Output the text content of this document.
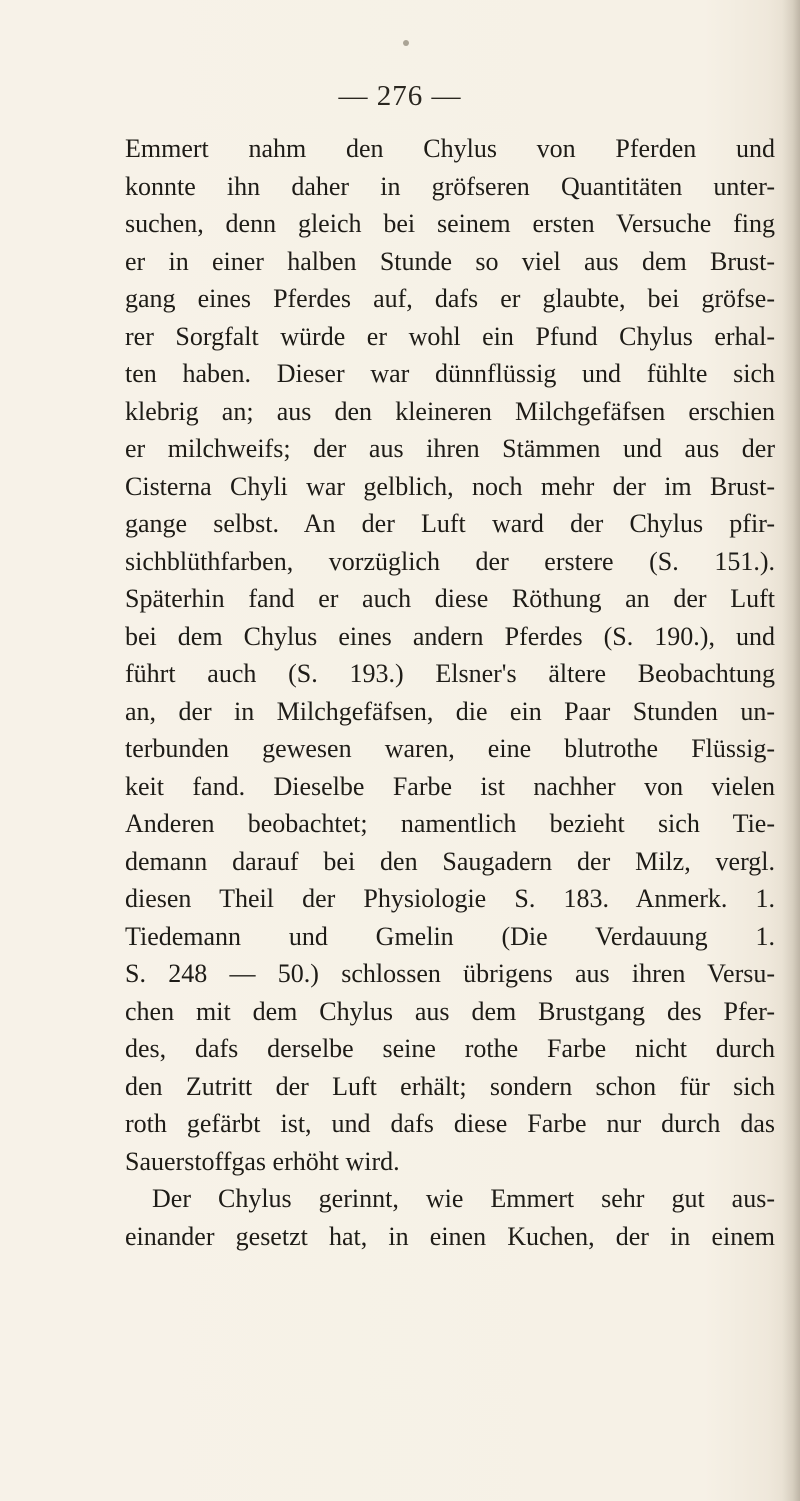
— 276 —
Emmert nahm den Chylus von Pferden und
konnte ihn daher in gröfseren Quantitäten unter-
suchen, denn gleich bei seinem ersten Versuche fing
er in einer halben Stunde so viel aus dem Brust-
gang eines Pferdes auf, dafs er glaubte, bei gröfse-
rer Sorgfalt würde er wohl ein Pfund Chylus erhal-
ten haben. Dieser war dünnflüssig und fühlte sich
klebrig an; aus den kleineren Milchgefäfsen erschien
er milchweifs; der aus ihren Stämmen und aus der
Cisterna Chyli war gelblich, noch mehr der im Brust-
gange selbst. An der Luft ward der Chylus pfir-
sichblüthfarben, vorzüglich der erstere (S. 151.).
Späterhin fand er auch diese Röthung an der Luft
bei dem Chylus eines andern Pferdes (S. 190.), und
führt auch (S. 193.) Elsner's ältere Beobachtung
an, der in Milchgefäfsen, die ein Paar Stunden un-
terbunden gewesen waren, eine blutrothe Flüssig-
keit fand. Dieselbe Farbe ist nachher von vielen
Anderen beobachtet; namentlich bezieht sich Tie-
demann darauf bei den Saugadern der Milz, vergl.
diesen Theil der Physiologie S. 183. Anmerk. 1.
Tiedemann und Gmelin (Die Verdauung 1.
S. 248 — 50.) schlossen übrigens aus ihren Versu-
chen mit dem Chylus aus dem Brustgang des Pfer-
des, dafs derselbe seine rothe Farbe nicht durch
den Zutritt der Luft erhält; sondern schon für sich
roth gefärbt ist, und dafs diese Farbe nur durch das
Sauerstoffgas erhöht wird.
Der Chylus gerinnt, wie Emmert sehr gut aus-
einander gesetzt hat, in einen Kuchen, der in einem
